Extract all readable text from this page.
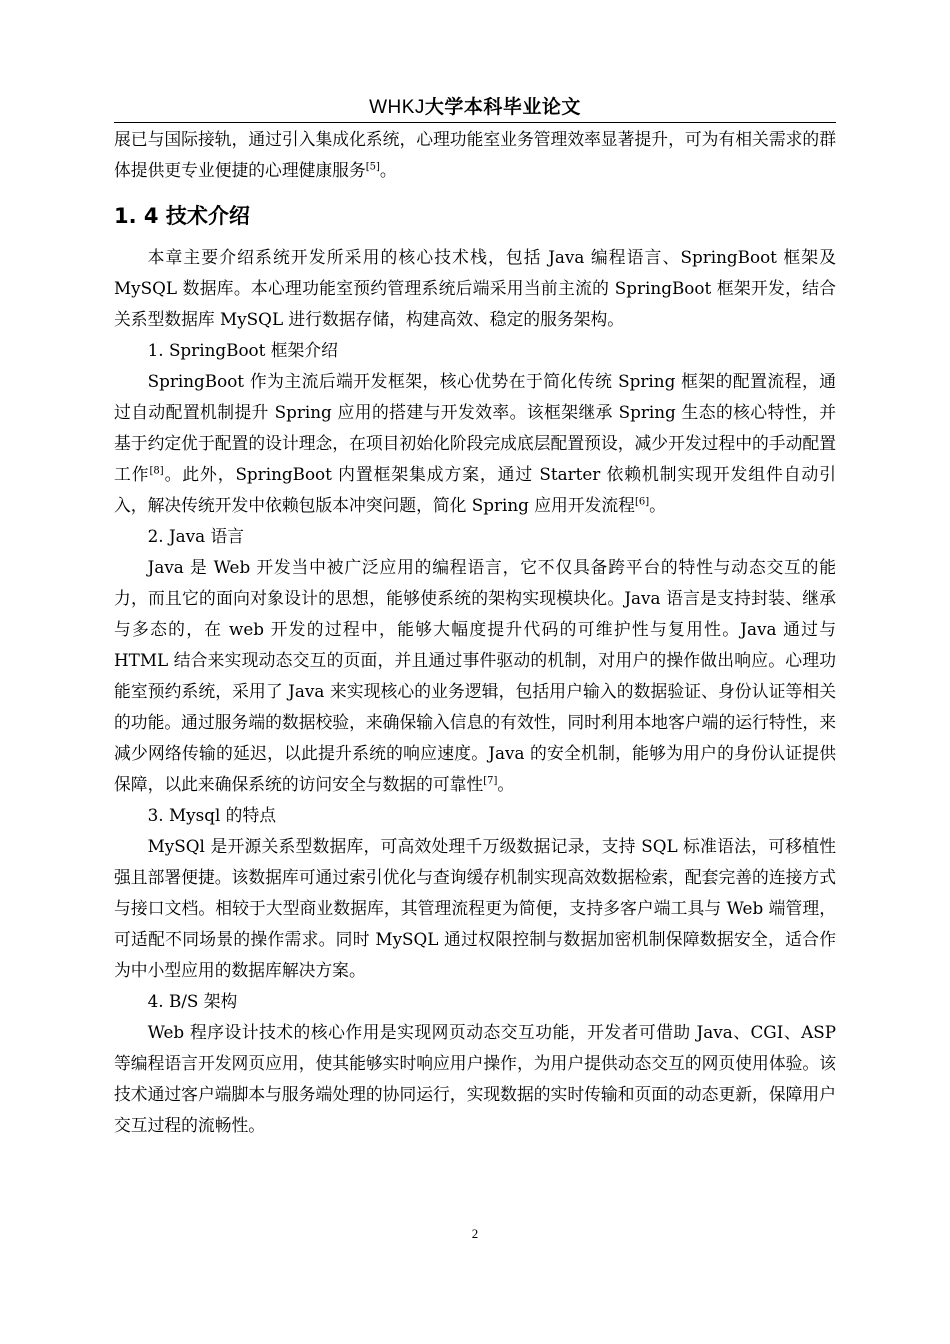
WHKJ大学本科毕业论文

展已与国际接轨，通过引入集成化系统，心理功能室业务管理效率显著提升，可为有相关需求的群体提供更专业便捷的心理健康服务[5]。

1. 4 技术介绍

本章主要介绍系统开发所采用的核心技术栈，包括 Java 编程语言、SpringBoot 框架及 MySQL 数据库。本心理功能室预约管理系统后端采用当前主流的 SpringBoot 框架开发，结合关系型数据库 MySQL 进行数据存储，构建高效、稳定的服务架构。

1. SpringBoot 框架介绍

SpringBoot 作为主流后端开发框架，核心优势在于简化传统 Spring 框架的配置流程，通过自动配置机制提升 Spring 应用的搭建与开发效率。该框架继承 Spring 生态的核心特性，并基于约定优于配置的设计理念，在项目初始化阶段完成底层配置预设，减少开发过程中的手动配置工作[8]。此外，SpringBoot 内置框架集成方案，通过 Starter 依赖机制实现开发组件自动引入，解决传统开发中依赖包版本冲突问题，简化 Spring 应用开发流程[6]。

2. Java 语言

Java 是 Web 开发当中被广泛应用的编程语言，它不仅具备跨平台的特性与动态交互的能力，而且它的面向对象设计的思想，能够使系统的架构实现模块化。Java 语言是支持封装、继承与多态的，在 web 开发的过程中，能够大幅度提升代码的可维护性与复用性。Java 通过与 HTML 结合来实现动态交互的页面，并且通过事件驱动的机制，对用户的操作做出响应。心理功能室预约系统，采用了 Java 来实现核心的业务逻辑，包括用户输入的数据验证、身份认证等相关的功能。通过服务端的数据校验，来确保输入信息的有效性，同时利用本地客户端的运行特性，来减少网络传输的延迟，以此提升系统的响应速度。Java 的安全机制，能够为用户的身份认证提供保障，以此来确保系统的访问安全与数据的可靠性[7]。

3. Mysql 的特点

MySQl 是开源关系型数据库，可高效处理千万级数据记录，支持 SQL 标准语法，可移植性强且部署便捷。该数据库可通过索引优化与查询缓存机制实现高效数据检索，配套完善的连接方式与接口文档。相较于大型商业数据库，其管理流程更为简便，支持多客户端工具与 Web 端管理，可适配不同场景的操作需求。同时 MySQL 通过权限控制与数据加密机制保障数据安全，适合作为中小型应用的数据库解决方案。

4. B/S 架构

Web 程序设计技术的核心作用是实现网页动态交互功能，开发者可借助 Java、CGI、ASP 等编程语言开发网页应用，使其能够实时响应用户操作，为用户提供动态交互的网页使用体验。该技术通过客户端脚本与服务端处理的协同运行，实现数据的实时传输和页面的动态更新，保障用户交互过程的流畅性。

2
